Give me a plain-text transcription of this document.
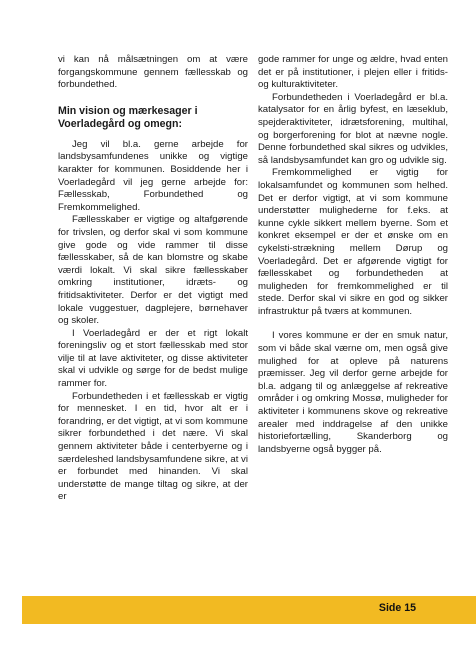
vi kan nå målsætningen om at være forgangskommune gennem fællesskab og forbundethed.

Min vision og mærkesager i Voerladegård og omegn:

Jeg vil bl.a. gerne arbejde for landsbysamfundenes unikke og vigtige karakter for kommunen. Bosiddende her i Voerladegård vil jeg gerne arbejde for: Fællesskab, Forbundethed og Fremkommelighed.

Fællesskaber er vigtige og altafgørende for trivslen, og derfor skal vi som kommune give gode og vide rammer til disse fællesskaber, så de kan blomstre og skabe værdi lokalt. Vi skal sikre fællesskaber omkring institutioner, idræts- og fritidsaktiviteter. Derfor er det vigtigt med lokale vuggestuer, dagplejere, børnehaver og skoler.

I Voerladegård er der et rigt lokalt foreningsliv og et stort fællesskab med stor vilje til at lave aktiviteter, og disse aktiviteter skal vi udvikle og sørge for de bedst mulige rammer for.

Forbundetheden i et fællesskab er vigtig for mennesket. I en tid, hvor alt er i forandring, er det vigtigt, at vi som kommune sikrer forbundethed i det nære. Vi skal gennem aktiviteter både i centerbyerne og i særdeleshed landsbysamfundene sikre, at vi er forbundet med hinanden. Vi skal understøtte de mange tiltag og sikre, at der er

gode rammer for unge og ældre, hvad enten det er på institutioner, i plejen eller i fritids- og kulturaktiviteter.

Forbundetheden i Voerladegård er bl.a. katalysator for en årlig byfest, en læseklub, spejderaktiviteter, idrætsforening, multihal, og borgerforening for blot at nævne nogle. Denne forbundethed skal sikres og udvikles, så landsbysamfundet kan gro og udvikle sig.

Fremkommelighed er vigtig for lokalsamfundet og kommunen som helhed. Det er derfor vigtigt, at vi som kommune understøtter mulighederne for f.eks. at kunne cykle sikkert mellem byerne. Som et konkret eksempel er der et ønske om en cykelsti-strækning mellem Dørup og Voerladegård. Det er afgørende vigtigt for fællesskabet og forbundetheden at muligheden for fremkommelighed er til stede. Derfor skal vi sikre en god og sikker infrastruktur på tværs at kommunen.

I vores kommune er der en smuk natur, som vi både skal værne om, men også give mulighed for at opleve på naturens præmisser. Jeg vil derfor gerne arbejde for bl.a. adgang til og anlæggelse af rekreative områder i og omkring Mossø, muligheder for aktiviteter i kommunens skove og rekreative arealer med inddragelse af den unikke historiefortælling, Skanderborg og landsbyerne også bygger på.

Side 15
